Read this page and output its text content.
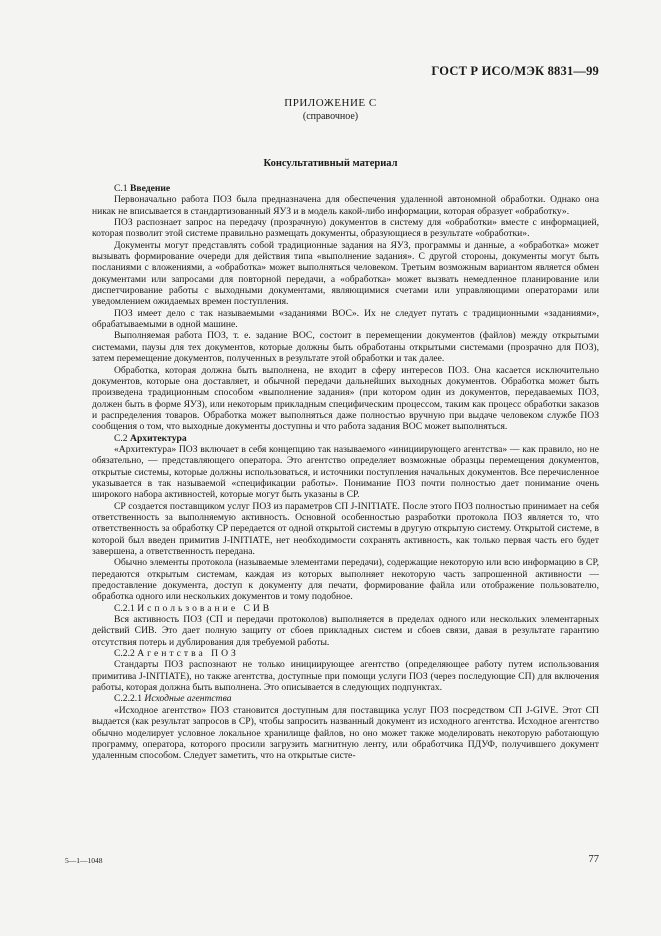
ГОСТ Р ИСО/МЭК 8831—99
ПРИЛОЖЕНИЕ С
(справочное)
Консультативный материал

С.1 Введение

Первоначально работа ПОЗ была предназначена для обеспечения удаленной автономной обработки. Однако она никак не вписывается в стандартизованный ЯУЗ и в модель какой-либо информации, которая образует «обработку».

ПОЗ распознает запрос на передачу (прозрачную) документов в систему для «обработки» вместе с информацией, которая позволит этой системе правильно размещать документы, образующиеся в результате «обработки».

Документы могут представлять собой традиционные задания на ЯУЗ, программы и данные, а «обработка» может вызывать формирование очереди для действия типа «выполнение задания». С другой стороны, документы могут быть посланиями с вложениями, а «обработка» может выполняться человеком. Третьим возможным вариантом является обмен документами или запросами для повторной передачи, а «обработка» может вызвать немедленное планирование или диспетчирование работы с выходными документами, являющимися счетами или управляющими операторами или уведомлением ожидаемых времен поступления.

ПОЗ имеет дело с так называемыми «заданиями ВОС». Их не следует путать с традиционными «заданиями», обрабатываемыми в одной машине.

Выполняемая работа ПОЗ, т. е. задание ВОС, состоит в перемещении документов (файлов) между открытыми системами, паузы для тех документов, которые должны быть обработаны открытыми системами (прозрачно для ПОЗ), затем перемещение документов, полученных в результате этой обработки и так далее.

Обработка, которая должна быть выполнена, не входит в сферу интересов ПОЗ. Она касается исключительно документов, которые она доставляет, и обычной передачи дальнейших выходных документов. Обработка может быть произведена традиционным способом «выполнение задания» (при котором один из документов, передаваемых ПОЗ, должен быть в форме ЯУЗ), или некоторым прикладным специфическим процессом, таким как процесс обработки заказов и распределения товаров. Обработка может выполняться даже полностью вручную при выдаче человеком службе ПОЗ сообщения о том, что выходные документы доступны и что работа задания ВОС может выполняться.

С.2 Архитектура

«Архитектура» ПОЗ включает в себя концепцию так называемого «инициирующего агентства» — как правило, но не обязательно, — представляющего оператора. Это агентство определяет возможные образцы перемещения документов, открытые системы, которые должны использоваться, и источники поступления начальных документов. Все перечисленное указывается в так называемой «спецификации работы». Понимание ПОЗ почти полностью дает понимание очень широкого набора активностей, которые могут быть указаны в СР.

СР создается поставщиком услуг ПОЗ из параметров СП J-INITIATE. После этого ПОЗ полностью принимает на себя ответственность за выполняемую активность. Основной особенностью разработки протокола ПОЗ является то, что ответственность за обработку СР передается от одной открытой системы в другую открытую систему. Открытой системе, в которой был введен примитив J-INITIATE, нет необходимости сохранять активность, как только первая часть его будет завершена, а ответственность передана.

Обычно элементы протокола (называемые элементами передачи), содержащие некоторую или всю информацию в СР, передаются открытым системам, каждая из которых выполняет некоторую часть запрошенной активности — предоставление документа, доступ к документу для печати, формирование файла или отображение пользователю, обработка одного или нескольких документов и тому подобное.

С.2.1 Использование СИВ

Вся активность ПОЗ (СП и передачи протоколов) выполняется в пределах одного или нескольких элементарных действий СИВ. Это дает полную защиту от сбоев прикладных систем и сбоев связи, давая в результате гарантию отсутствия потерь и дублирования для требуемой работы.

С.2.2 Агентства ПОЗ

Стандарты ПОЗ распознают не только инициирующее агентство (определяющее работу путем использования примитива J-INITIATE), но также агентства, доступные при помощи услуги ПОЗ (через последующие СП) для включения работы, которая должна быть выполнена. Это описывается в следующих подпунктах.

С.2.2.1 Исходные агентства

«Исходное агентство» ПОЗ становится доступным для поставщика услуг ПОЗ посредством СП J-GIVE. Этот СП выдается (как результат запросов в СР), чтобы запросить названный документ из исходного агентства. Исходное агентство обычно моделирует условное локальное хранилище файлов, но оно может также моделировать некоторую работающую программу, оператора, которого просили загрузить магнитную ленту, или обработчика ПДУФ, получившего документ удаленным способом. Следует заметить, что на открытые систе-

5—1—1048	77
